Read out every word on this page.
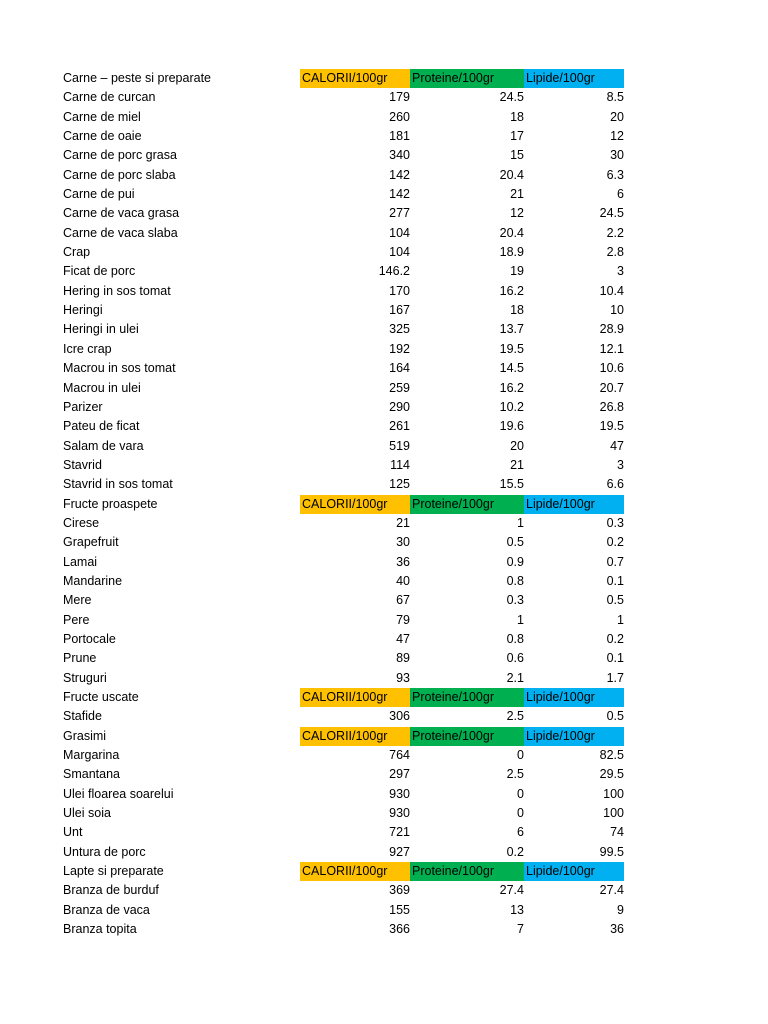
Carne – peste si preparate	CALORII/100gr	Proteine/100gr	Lipide/100gr
Carne de curcan	179	24.5	8.5
Carne de miel	260	18	20
Carne de oaie	181	17	12
Carne de porc grasa	340	15	30
Carne de porc slaba	142	20.4	6.3
Carne de pui	142	21	6
Carne de vaca grasa	277	12	24.5
Carne de vaca slaba	104	20.4	2.2
Crap	104	18.9	2.8
Ficat de porc	146.2	19	3
Hering in sos tomat	170	16.2	10.4
Heringi	167	18	10
Heringi in ulei	325	13.7	28.9
Icre crap	192	19.5	12.1
Macrou in sos tomat	164	14.5	10.6
Macrou in ulei	259	16.2	20.7
Parizer	290	10.2	26.8
Pateu de ficat	261	19.6	19.5
Salam de vara	519	20	47
Stavrid	114	21	3
Stavrid in sos tomat	125	15.5	6.6
Fructe proaspete	CALORII/100gr	Proteine/100gr	Lipide/100gr
Cirese	21	1	0.3
Grapefruit	30	0.5	0.2
Lamai	36	0.9	0.7
Mandarine	40	0.8	0.1
Mere	67	0.3	0.5
Pere	79	1	1
Portocale	47	0.8	0.2
Prune	89	0.6	0.1
Struguri	93	2.1	1.7
Fructe uscate	CALORII/100gr	Proteine/100gr	Lipide/100gr
Stafide	306	2.5	0.5
Grasimi	CALORII/100gr	Proteine/100gr	Lipide/100gr
Margarina	764	0	82.5
Smantana	297	2.5	29.5
Ulei floarea soarelui	930	0	100
Ulei soia	930	0	100
Unt	721	6	74
Untura de porc	927	0.2	99.5
Lapte si preparate	CALORII/100gr	Proteine/100gr	Lipide/100gr
Branza de burduf	369	27.4	27.4
Branza de vaca	155	13	9
Branza topita	366	7	36
